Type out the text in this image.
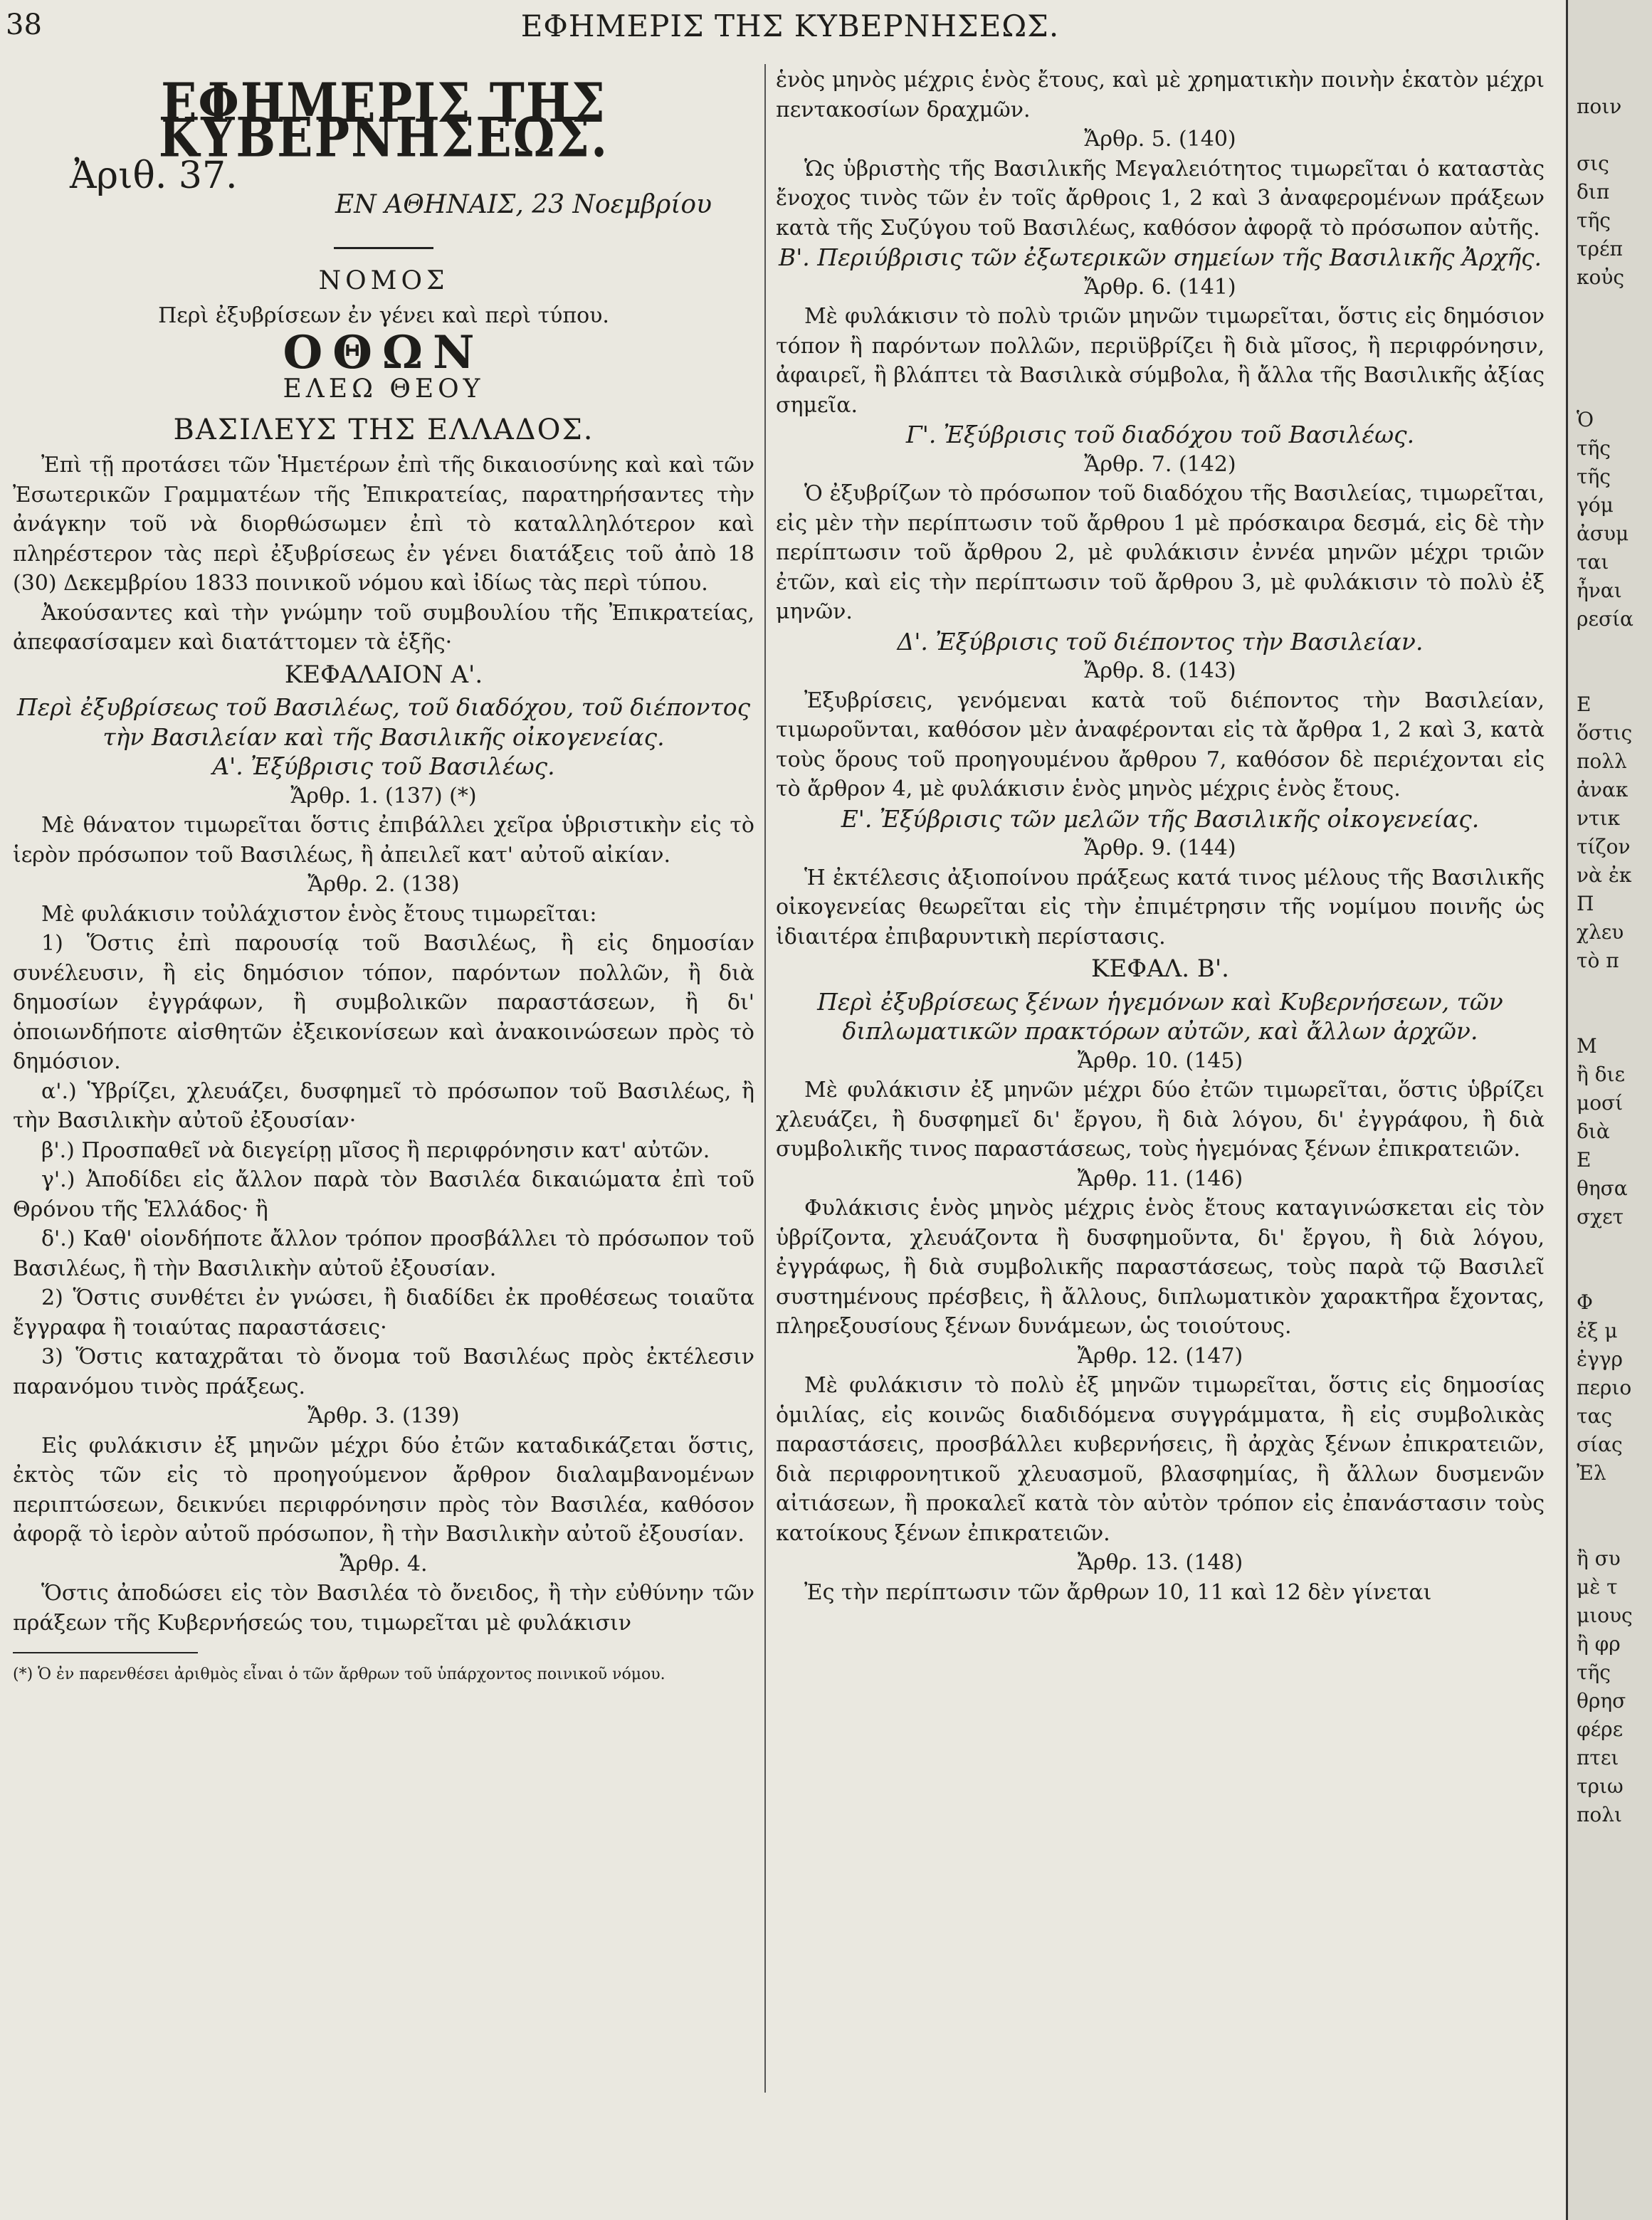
38	ΕΦΗΜΕΡΙΣ ΤΗΣ ΚΥΒΕΡΝΗΣΕΩΣ.
ΕΦΗΜΕΡΙΣ ΤΗΣ ΚΥΒΕΡΝΗΣΕΩΣ.
Ἀριθ. 37.
ΕΝ ΑΘΗΝΑΙΣ, 23 Νοεμβρίου
ΝΟΜΟΣ
Περὶ ἐξυβρίσεων ἐν γένει καὶ περὶ τύπου.
ΟΘΩΝ
ΕΛΕΩ ΘΕΟΥ
ΒΑΣΙΛΕΥΣ ΤΗΣ ΕΛΛΑΔΟΣ.

Ἐπὶ τῇ προτάσει τῶν Ἡμετέρων ἐπὶ τῆς δικαιοσύνης καὶ καὶ τῶν Ἐσωτερικῶν Γραμματέων τῆς Ἐπικρατείας, παρατηρήσαντες τὴν ἀνάγκην τοῦ νὰ διορθώσωμεν ἐπὶ τὸ καταλληλότερον καὶ πληρέστερον τὰς περὶ ἐξυβρίσεως ἐν γένει διατάξεις τοῦ ἀπὸ 18 (30) Δεκεμβρίου 1833 ποινικοῦ νόμου καὶ ἰδίως τὰς περὶ τύπου.

Ἀκούσαντες καὶ τὴν γνώμην τοῦ συμβουλίου τῆς Ἐπικρατείας, ἀπεφασίσαμεν καὶ διατάττομεν τὰ ἑξῆς·

ΚΕΦΑΛΑΙΟΝ Α'.
Περὶ ἐξυβρίσεως τοῦ Βασιλέως, τοῦ διαδόχου, τοῦ διέποντος τὴν Βασιλείαν καὶ τῆς Βασιλικῆς οἰκογενείας.
Α'. Ἐξύβρισις τοῦ Βασιλέως.
Ἄρθρ. 1. (137) (*)

Μὲ θάνατον τιμωρεῖται ὅστις ἐπιβάλλει χεῖρα ὑβριστικὴν εἰς τὸ ἱερὸν πρόσωπον τοῦ Βασιλέως, ἢ ἀπειλεῖ κατ' αὐτοῦ αἰκίαν.

Ἄρθρ. 2. (138)

Μὲ φυλάκισιν τοὐλάχιστον ἑνὸς ἔτους τιμωρεῖται:

1) Ὅστις ἐπὶ παρουσίᾳ τοῦ Βασιλέως, ἢ εἰς δημοσίαν συνέλευσιν, ἢ εἰς δημόσιον τόπον, παρόντων πολλῶν, ἢ διὰ δημοσίων ἐγγράφων, ἢ συμβολικῶν παραστάσεων, ἢ δι' ὁποιωνδήποτε αἰσθητῶν ἐξεικονίσεων καὶ ἀνακοινώσεων πρὸς τὸ δημόσιον.

α'.) Ὑβρίζει, χλευάζει, δυσφημεῖ τὸ πρόσωπον τοῦ Βασιλέως, ἢ τὴν Βασιλικὴν αὐτοῦ ἐξουσίαν·

β'.) Προσπαθεῖ νὰ διεγείρῃ μῖσος ἢ περιφρόνησιν κατ' αὐτῶν.

γ'.) Ἀποδίδει εἰς ἄλλον παρὰ τὸν Βασιλέα δικαιώματα ἐπὶ τοῦ Θρόνου τῆς Ἑλλάδος· ἢ

δ'.) Καθ' οἱονδήποτε ἄλλον τρόπον προσβάλλει τὸ πρόσωπον τοῦ Βασιλέως, ἢ τὴν Βασιλικὴν αὐτοῦ ἐξουσίαν.

2) Ὅστις συνθέτει ἐν γνώσει, ἢ διαδίδει ἐκ προθέσεως τοιαῦτα ἔγγραφα ἢ τοιαύτας παραστάσεις·

3) Ὅστις καταχρᾶται τὸ ὄνομα τοῦ Βασιλέως πρὸς ἐκτέλεσιν παρανόμου τινὸς πράξεως.

Ἄρθρ. 3. (139)

Εἰς φυλάκισιν ἐξ μηνῶν μέχρι δύο ἐτῶν καταδικάζεται ὅστις, ἐκτὸς τῶν εἰς τὸ προηγούμενον ἄρθρον διαλαμβανομένων περιπτώσεων, δεικνύει περιφρόνησιν πρὸς τὸν Βασιλέα, καθόσον ἀφορᾷ τὸ ἱερὸν αὐτοῦ πρόσωπον, ἢ τὴν Βασιλικὴν αὐτοῦ ἐξουσίαν.

Ἄρθρ. 4.

Ὅστις ἀποδώσει εἰς τὸν Βασιλέα τὸ ὄνειδος, ἢ τὴν εὐθύνην τῶν πράξεων τῆς Κυβερνήσεώς του, τιμωρεῖται μὲ φυλάκισιν

(*) Ὁ ἐν παρενθέσει ἀριθμὸς εἶναι ὁ τῶν ἄρθρων τοῦ ὑπάρχοντος ποινικοῦ νόμου.

ἑνὸς μηνὸς μέχρις ἑνὸς ἔτους, καὶ μὲ χρηματικὴν ποινὴν ἑκατὸν μέχρι πεντακοσίων δραχμῶν.

Ἄρθρ. 5. (140)

Ὡς ὑβριστὴς τῆς Βασιλικῆς Μεγαλειότητος τιμωρεῖται ὁ καταστὰς ἔνοχος τινὸς τῶν ἐν τοῖς ἄρθροις 1, 2 καὶ 3 ἀναφερομένων πράξεων κατὰ τῆς Συζύγου τοῦ Βασιλέως, καθόσον ἀφορᾷ τὸ πρόσωπον αὐτῆς.

Β'. Περιύβρισις τῶν ἐξωτερικῶν σημείων τῆς Βασιλικῆς Ἀρχῆς.
Ἄρθρ. 6. (141)

Μὲ φυλάκισιν τὸ πολὺ τριῶν μηνῶν τιμωρεῖται, ὅστις εἰς δημόσιον τόπον ἢ παρόντων πολλῶν, περιϋβρίζει ἢ διὰ μῖσος, ἢ περιφρόνησιν, ἀφαιρεῖ, ἢ βλάπτει τὰ Βασιλικὰ σύμβολα, ἢ ἄλλα τῆς Βασιλικῆς ἀξίας σημεῖα.

Γ'. Ἐξύβρισις τοῦ διαδόχου τοῦ Βασιλέως.
Ἄρθρ. 7. (142)

Ὁ ἐξυβρίζων τὸ πρόσωπον τοῦ διαδόχου τῆς Βασιλείας, τιμωρεῖται, εἰς μὲν τὴν περίπτωσιν τοῦ ἄρθρου 1 μὲ πρόσκαιρα δεσμά, εἰς δὲ τὴν περίπτωσιν τοῦ ἄρθρου 2, μὲ φυλάκισιν ἐννέα μηνῶν μέχρι τριῶν ἐτῶν, καὶ εἰς τὴν περίπτωσιν τοῦ ἄρθρου 3, μὲ φυλάκισιν τὸ πολὺ ἐξ μηνῶν.

Δ'. Ἐξύβρισις τοῦ διέποντος τὴν Βασιλείαν.
Ἄρθρ. 8. (143)

Ἐξυβρίσεις, γενόμεναι κατὰ τοῦ διέποντος τὴν Βασιλείαν, τιμωροῦνται, καθόσον μὲν ἀναφέρονται εἰς τὰ ἄρθρα 1, 2 καὶ 3, κατὰ τοὺς ὅρους τοῦ προηγουμένου ἄρθρου 7, καθόσον δὲ περιέχονται εἰς τὸ ἄρθρον 4, μὲ φυλάκισιν ἑνὸς μηνὸς μέχρις ἑνὸς ἔτους.

Ε'. Ἐξύβρισις τῶν μελῶν τῆς Βασιλικῆς οἰκογενείας.
Ἄρθρ. 9. (144)

Ἡ ἐκτέλεσις ἀξιοποίνου πράξεως κατά τινος μέλους τῆς Βασιλικῆς οἰκογενείας θεωρεῖται εἰς τὴν ἐπιμέτρησιν τῆς νομίμου ποινῆς ὡς ἰδιαιτέρα ἐπιβαρυντικὴ περίστασις.

ΚΕΦΑΛ. Β'.
Περὶ ἐξυβρίσεως ξένων ἡγεμόνων καὶ Κυβερνήσεων, τῶν διπλωματικῶν πρακτόρων αὐτῶν, καὶ ἄλλων ἀρχῶν.
Ἄρθρ. 10. (145)

Μὲ φυλάκισιν ἐξ μηνῶν μέχρι δύο ἐτῶν τιμωρεῖται, ὅστις ὑβρίζει χλευάζει, ἢ δυσφημεῖ δι' ἔργου, ἢ διὰ λόγου, δι' ἐγγράφου, ἢ διὰ συμβολικῆς τινος παραστάσεως, τοὺς ἡγεμόνας ξένων ἐπικρατειῶν.

Ἄρθρ. 11. (146)

Φυλάκισις ἑνὸς μηνὸς μέχρις ἑνὸς ἔτους καταγινώσκεται εἰς τὸν ὑβρίζοντα, χλευάζοντα ἢ δυσφημοῦντα, δι' ἔργου, ἢ διὰ λόγου, ἐγγράφως, ἢ διὰ συμβολικῆς παραστάσεως, τοὺς παρὰ τῷ Βασιλεῖ συστημένους πρέσβεις, ἢ ἄλλους, διπλωματικὸν χαρακτῆρα ἔχοντας, πληρεξουσίους ξένων δυνάμεων, ὡς τοιούτους.

Ἄρθρ. 12. (147)

Μὲ φυλάκισιν τὸ πολὺ ἐξ μηνῶν τιμωρεῖται, ὅστις εἰς δημοσίας ὁμιλίας, εἰς κοινῶς διαδιδόμενα συγγράμματα, ἢ εἰς συμβολικὰς παραστάσεις, προσβάλλει κυβερνήσεις, ἢ ἀρχὰς ξένων ἐπικρατειῶν, διὰ περιφρονητικοῦ χλευασμοῦ, βλασφημίας, ἢ ἄλλων δυσμενῶν αἰτιάσεων, ἢ προκαλεῖ κατὰ τὸν αὐτὸν τρόπον εἰς ἐπανάστασιν τοὺς κατοίκους ξένων ἐπικρατειῶν.

Ἄρθρ. 13. (148)

Ἐς τὴν περίπτωσιν τῶν ἄρθρων 10, 11 καὶ 12 δὲν γίνεται

ποιν

σις
διπ
τῆς
τρέπ
κοὐς

Ὁ
τῆς
τῆς
γόμ
ἀσυμ
ται
ἦναι
ρεσία

Ε
ὅστις
πολλ
ἀνακ
ντικ
τίζον
νὰ ἐκ
Π
χλευ
τὸ π

Μ
ἢ διε
μοσί
διὰ
Ε
θησα
σχετ

Φ
ἐξ μ
ἐγγρ
περιο
τας
σίας
Ἐλ

ἢ συ
μὲ τ
μιους
ἢ φρ
τῆς
θρησ
φέρε
πτει
τριω
πολι
